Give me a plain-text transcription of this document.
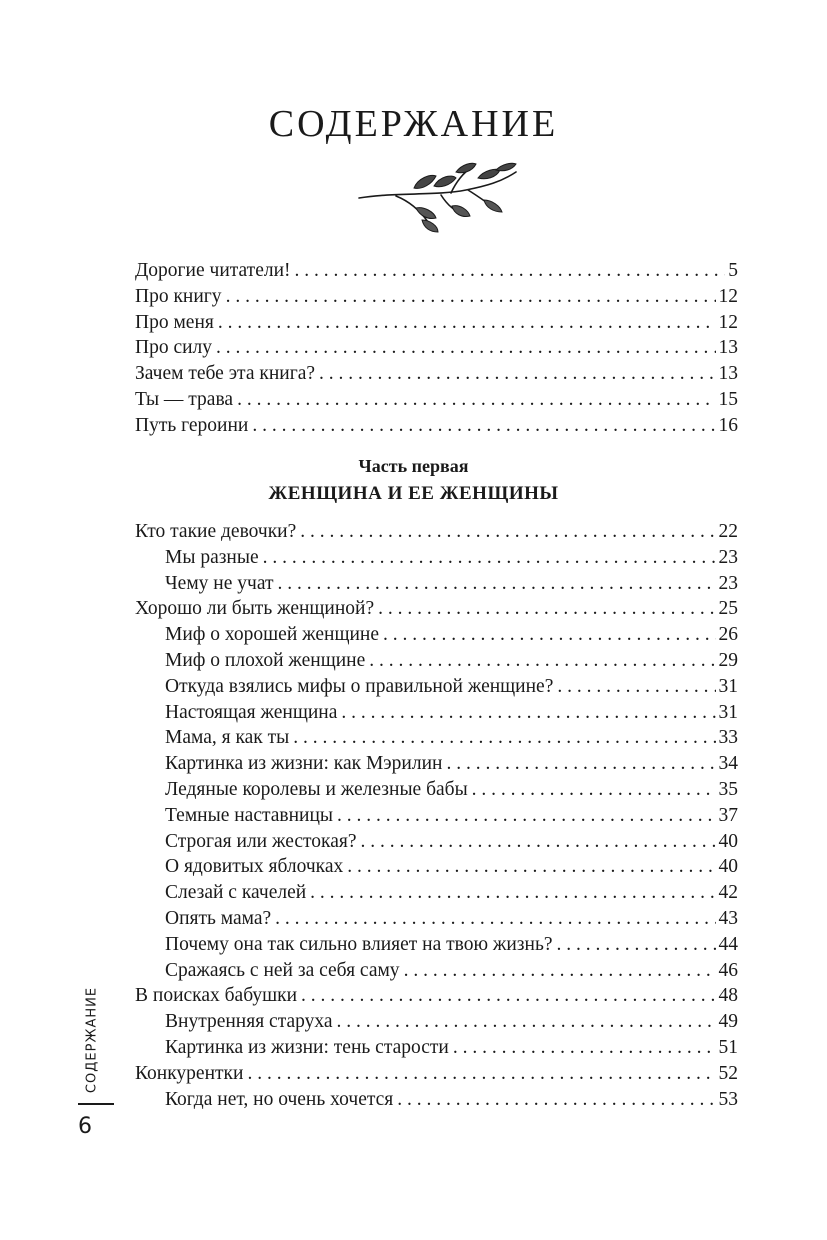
СОДЕРЖАНИЕ
Дорогие читатели! . . .	5
Про книгу . . .	12
Про меня . . .	12
Про силу . . .	13
Зачем тебе эта книга? . . .	13
Ты — трава . . .	15
Путь героини . . .	16
Часть первая
ЖЕНЩИНА И ЕЕ ЖЕНЩИНЫ
Кто такие девочки? . . .	22
Мы разные . . .	23
Чему не учат . . .	23
Хорошо ли быть женщиной? . . .	25
Миф о хорошей женщине . . .	26
Миф о плохой женщине . . .	29
Откуда взялись мифы о правильной женщине? . . .	31
Настоящая женщина . . .	31
Мама, я как ты . . .	33
Картинка из жизни: как Мэрилин . . .	34
Ледяные королевы и железные бабы . . .	35
Темные наставницы . . .	37
Строгая или жестокая? . . .	40
О ядовитых яблочках . . .	40
Слезай с качелей . . .	42
Опять мама? . . .	43
Почему она так сильно влияет на твою жизнь? . . .	44
Сражаясь с ней за себя саму . . .	46
В поисках бабушки . . .	48
Внутренняя старуха . . .	49
Картинка из жизни: тень старости . . .	51
Конкурентки . . .	52
Когда нет, но очень хочется . . .	53
СОДЕРЖАНИЕ
6
